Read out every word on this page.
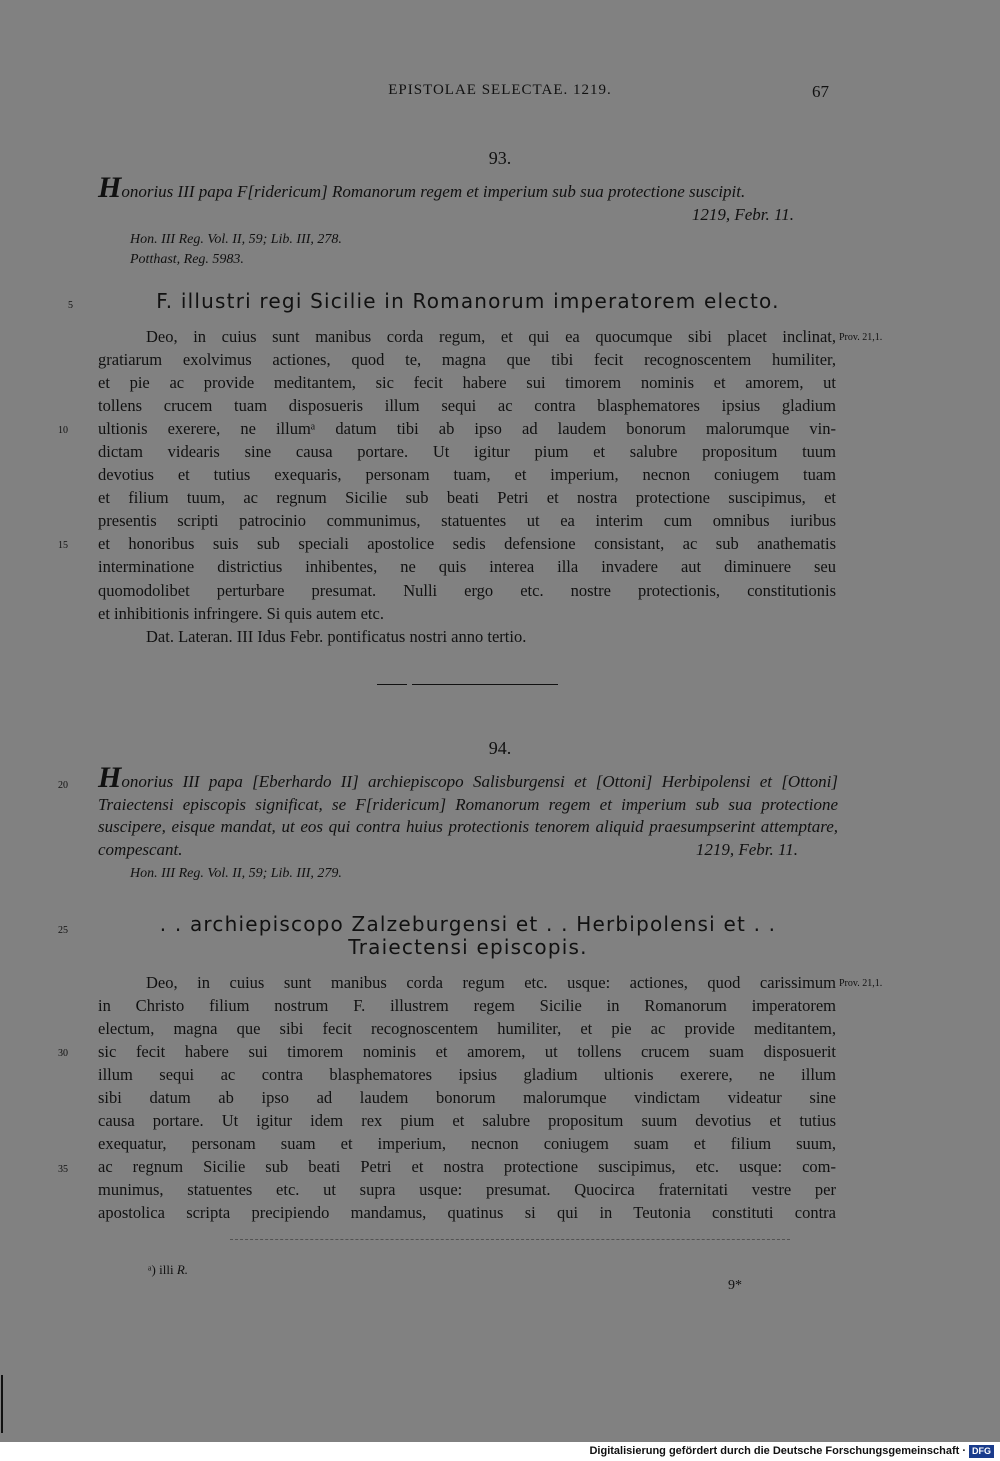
EPISTOLAE SELECTAE. 1219.	67
93.
Honorius III papa F[ridericum] Romanorum regem et imperium sub sua protectione suscipit.
1219, Febr. 11.
Hon. III Reg. Vol. II, 59; Lib. III, 278.
Potthast, Reg. 5983.
F. illustri regi Sicilie in Romanorum imperatorem electo.

Deo, in cuius sunt manibus corda regum, et qui ea quocumque sibi placet inclinat,

gratiarum exolvimus actiones, quod te, magna que tibi fecit recognoscentem humiliter,

et pie ac provide meditantem, sic fecit habere sui timorem nominis et amorem, ut

tollens crucem tuam disposueris illum sequi ac contra blasphematores ipsius gladium

ultionis exerere, ne illumᵃ datum tibi ab ipso ad laudem bonorum malorumque vin-

dictam videaris sine causa portare. Ut igitur pium et salubre propositum tuum

devotius et tutius exequaris, personam tuam, et imperium, necnon coniugem tuam

et filium tuum, ac regnum Sicilie sub beati Petri et nostra protectione suscipimus, et

presentis scripti patrocinio communimus, statuentes ut ea interim cum omnibus iuribus

et honoribus suis sub speciali apostolice sedis defensione consistant, ac sub anathematis

interminatione districtius inhibentes, ne quis interea illa invadere aut diminuere seu

quomodolibet perturbare presumat. Nulli ergo etc. nostre protectionis, constitutionis

et inhibitionis infringere. Si quis autem etc.

Dat. Lateran. III Idus Febr. pontificatus nostri anno tertio.

Prov. 21,1.
5
10
15
94.
Honorius III papa [Eberhardo II] archiepiscopo Salisburgensi et [Ottoni] Herbipolensi et [Ottoni] Traiectensi episcopis significat, se F[ridericum] Romanorum regem et imperium sub sua protectione suscipere, eisque mandat, ut eos qui contra huius protectionis tenorem aliquid praesumpserint attemptare, compescant.	1219, Febr. 11.
Hon. III Reg. Vol. II, 59; Lib. III, 279.
. . archiepiscopo Zalzeburgensi et . . Herbipolensi et . .
Traiectensi episcopis.

Deo, in cuius sunt manibus corda regum etc. usque: actiones, quod carissimum

in Christo filium nostrum F. illustrem regem Sicilie in Romanorum imperatorem

electum, magna que sibi fecit recognoscentem humiliter, et pie ac provide meditantem,

sic fecit habere sui timorem nominis et amorem, ut tollens crucem suam disposuerit

illum sequi ac contra blasphematores ipsius gladium ultionis exerere, ne illum

sibi datum ab ipso ad laudem bonorum malorumque vindictam videatur sine

causa portare. Ut igitur idem rex pium et salubre propositum suum devotius et tutius

exequatur, personam suam et imperium, necnon coniugem suam et filium suum,

ac regnum Sicilie sub beati Petri et nostra protectione suscipimus, etc. usque: com-

munimus, statuentes etc. ut supra usque: presumat. Quocirca fraternitati vestre per

apostolica scripta precipiendo mandamus, quatinus si qui in Teutonia constituti contra

Prov. 21,1.
20
25
30
35
ᵃ) illi R.
9*
Digitalisierung gefördert durch die Deutsche Forschungsgemeinschaft · DFG
